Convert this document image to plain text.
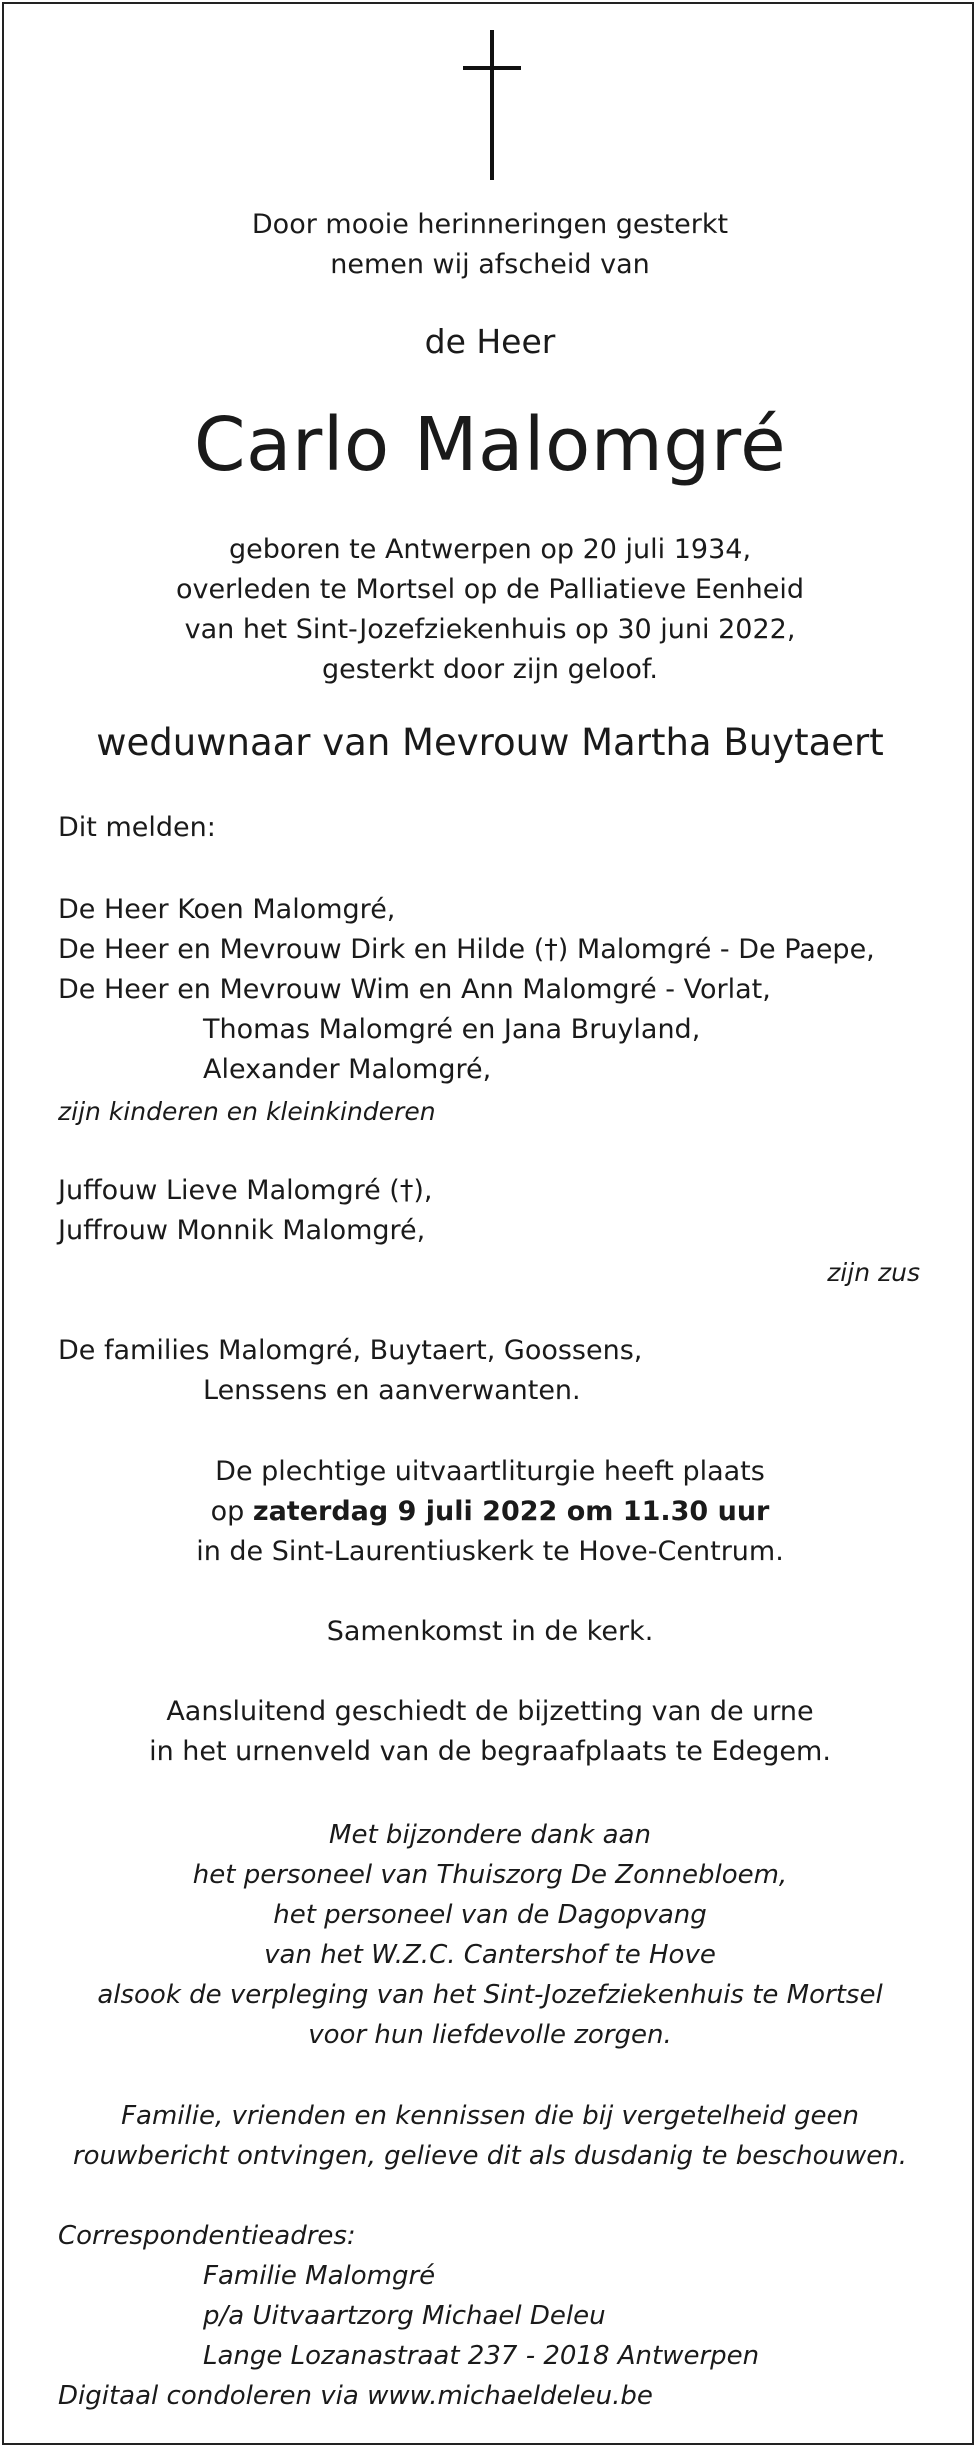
Door mooie herinneringen gesterkt
nemen wij afscheid van
de Heer
Carlo Malomgré
geboren te Antwerpen op 20 juli 1934,
overleden te Mortsel op de Palliatieve Eenheid
van het Sint-Jozefziekenhuis op 30 juni 2022,
gesterkt door zijn geloof.
weduwnaar van Mevrouw Martha Buytaert
Dit melden:
De Heer Koen Malomgré,
De Heer en Mevrouw Dirk en Hilde (†) Malomgré - De Paepe,
De Heer en Mevrouw Wim en Ann Malomgré - Vorlat,
Thomas Malomgré en Jana Bruyland,
Alexander Malomgré,
zijn kinderen en kleinkinderen
Juffouw Lieve Malomgré (†),
Juffrouw Monnik Malomgré,
zijn zus
De families Malomgré, Buytaert, Goossens,
Lenssens en aanverwanten.
De plechtige uitvaartliturgie heeft plaats
op zaterdag 9 juli 2022 om 11.30 uur
in de Sint-Laurentiuskerk te Hove-Centrum.
Samenkomst in de kerk.
Aansluitend geschiedt de bijzetting van de urne
in het urnenveld van de begraafplaats te Edegem.
Met bijzondere dank aan
het personeel van Thuiszorg De Zonnebloem,
het personeel van de Dagopvang
van het W.Z.C. Cantershof te Hove
alsook de verpleging van het Sint-Jozefziekenhuis te Mortsel
voor hun liefdevolle zorgen.
Familie, vrienden en kennissen die bij vergetelheid geen
rouwbericht ontvingen, gelieve dit als dusdanig te beschouwen.
Correspondentieadres:
Familie Malomgré
p/a Uitvaartzorg Michael Deleu
Lange Lozanastraat 237 - 2018 Antwerpen
Digitaal condoleren via www.michaeldeleu.be
